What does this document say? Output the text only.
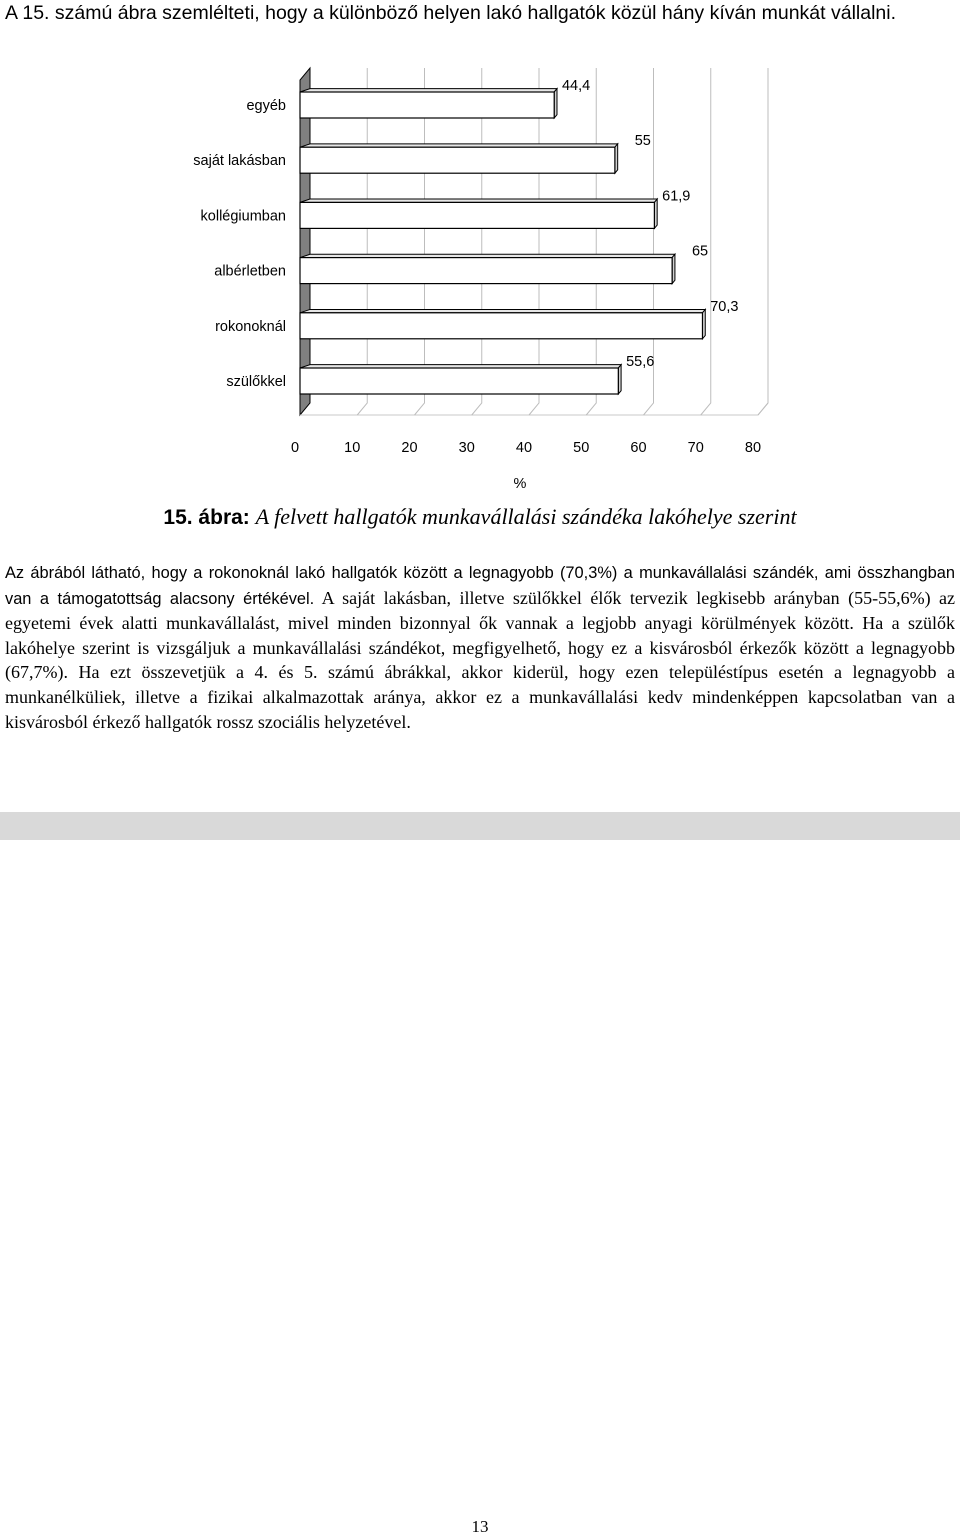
A 15. számú ábra szemlélteti, hogy a különböző helyen lakó hallgatók közül hány kíván munkát vállalni.

egyéb
saját lakásban
kollégiumban
albérletben
rokonoknál
szülőkkel
44,4
55
61,9
65
70,3
55,6
0	10	20	30	40	50	60	70	80
%

15. ábra: A felvett hallgatók munkavállalási szándéka lakóhelye szerint

Az ábrából látható, hogy a rokonoknál lakó hallgatók között a legnagyobb (70,3%) a munkavállalási szándék, ami összhangban van a támogatottság alacsony értékével. A saját lakásban, illetve szülőkkel élők tervezik legkisebb arányban (55-55,6%) az egyetemi évek alatti munkavállalást, mivel minden bizonnyal ők vannak a legjobb anyagi körülmények között. Ha a szülők lakóhelye szerint is vizsgáljuk a munkavállalási szándékot, megfigyelhető, hogy ez a kisvárosból érkezők között a legnagyobb (67,7%). Ha ezt összevetjük a 4. és 5. számú ábrákkal, akkor kiderül, hogy ezen településtípus esetén a legnagyobb a munkanélküliek, illetve a fizikai alkalmazottak aránya, akkor ez a munkavállalási kedv mindenképpen kapcsolatban van a kisvárosból érkező hallgatók rossz szociális helyzetével.

13
